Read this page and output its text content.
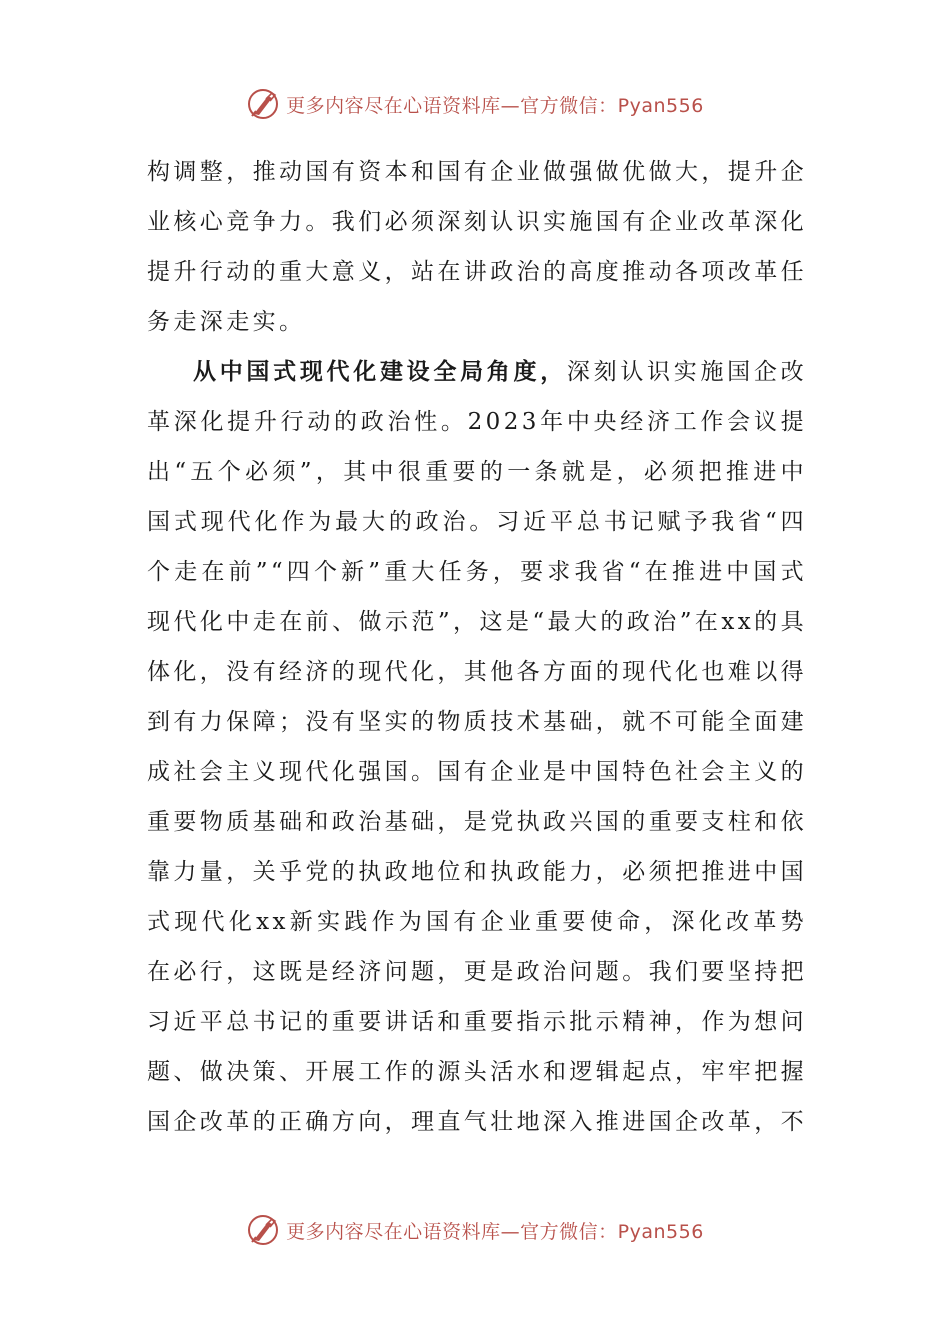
更多内容尽在心语资料库—官方微信：Pyan556

构调整，推动国有资本和国有企业做强做优做大，提升企业核心竞争力。我们必须深刻认识实施国有企业改革深化提升行动的重大意义，站在讲政治的高度推动各项改革任务走深走实。

从中国式现代化建设全局角度，深刻认识实施国企改革深化提升行动的政治性。2023年中央经济工作会议提出“五个必须”，其中很重要的一条就是，必须把推进中国式现代化作为最大的政治。习近平总书记赋予我省“四个走在前”“四个新”重大任务，要求我省“在推进中国式现代化中走在前、做示范”，这是“最大的政治”在xx的具体化，没有经济的现代化，其他各方面的现代化也难以得到有力保障；没有坚实的物质技术基础，就不可能全面建成社会主义现代化强国。国有企业是中国特色社会主义的重要物质基础和政治基础，是党执政兴国的重要支柱和依靠力量，关乎党的执政地位和执政能力，必须把推进中国式现代化xx新实践作为国有企业重要使命，深化改革势在必行，这既是经济问题，更是政治问题。我们要坚持把习近平总书记的重要讲话和重要指示批示精神，作为想问题、做决策、开展工作的源头活水和逻辑起点，牢牢把握国企改革的正确方向，理直气壮地深入推进国企改革，不

更多内容尽在心语资料库—官方微信：Pyan556
